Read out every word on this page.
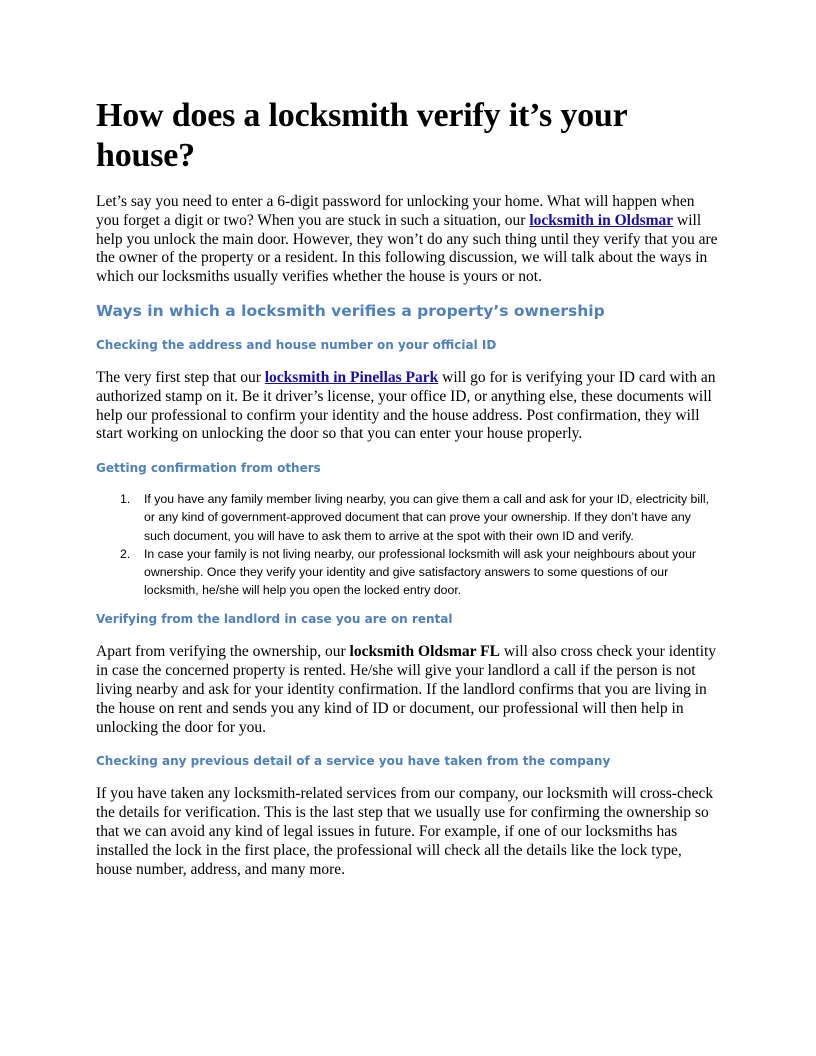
How does a locksmith verify it’s your house?

Let’s say you need to enter a 6-digit password for unlocking your home. What will happen when you forget a digit or two? When you are stuck in such a situation, our locksmith in Oldsmar will help you unlock the main door. However, they won’t do any such thing until they verify that you are the owner of the property or a resident. In this following discussion, we will talk about the ways in which our locksmiths usually verifies whether the house is yours or not.

Ways in which a locksmith verifies a property’s ownership
Checking the address and house number on your official ID

The very first step that our locksmith in Pinellas Park will go for is verifying your ID card with an authorized stamp on it. Be it driver’s license, your office ID, or anything else, these documents will help our professional to confirm your identity and the house address. Post confirmation, they will start working on unlocking the door so that you can enter your house properly.

Getting confirmation from others
1. If you have any family member living nearby, you can give them a call and ask for your ID, electricity bill, or any kind of government-approved document that can prove your ownership. If they don’t have any such document, you will have to ask them to arrive at the spot with their own ID and verify.
2. In case your family is not living nearby, our professional locksmith will ask your neighbours about your ownership. Once they verify your identity and give satisfactory answers to some questions of our locksmith, he/she will help you open the locked entry door.
Verifying from the landlord in case you are on rental

Apart from verifying the ownership, our locksmith Oldsmar FL will also cross check your identity in case the concerned property is rented. He/she will give your landlord a call if the person is not living nearby and ask for your identity confirmation. If the landlord confirms that you are living in the house on rent and sends you any kind of ID or document, our professional will then help in unlocking the door for you.

Checking any previous detail of a service you have taken from the company

If you have taken any locksmith-related services from our company, our locksmith will cross-check the details for verification. This is the last step that we usually use for confirming the ownership so that we can avoid any kind of legal issues in future. For example, if one of our locksmiths has installed the lock in the first place, the professional will check all the details like the lock type, house number, address, and many more.
